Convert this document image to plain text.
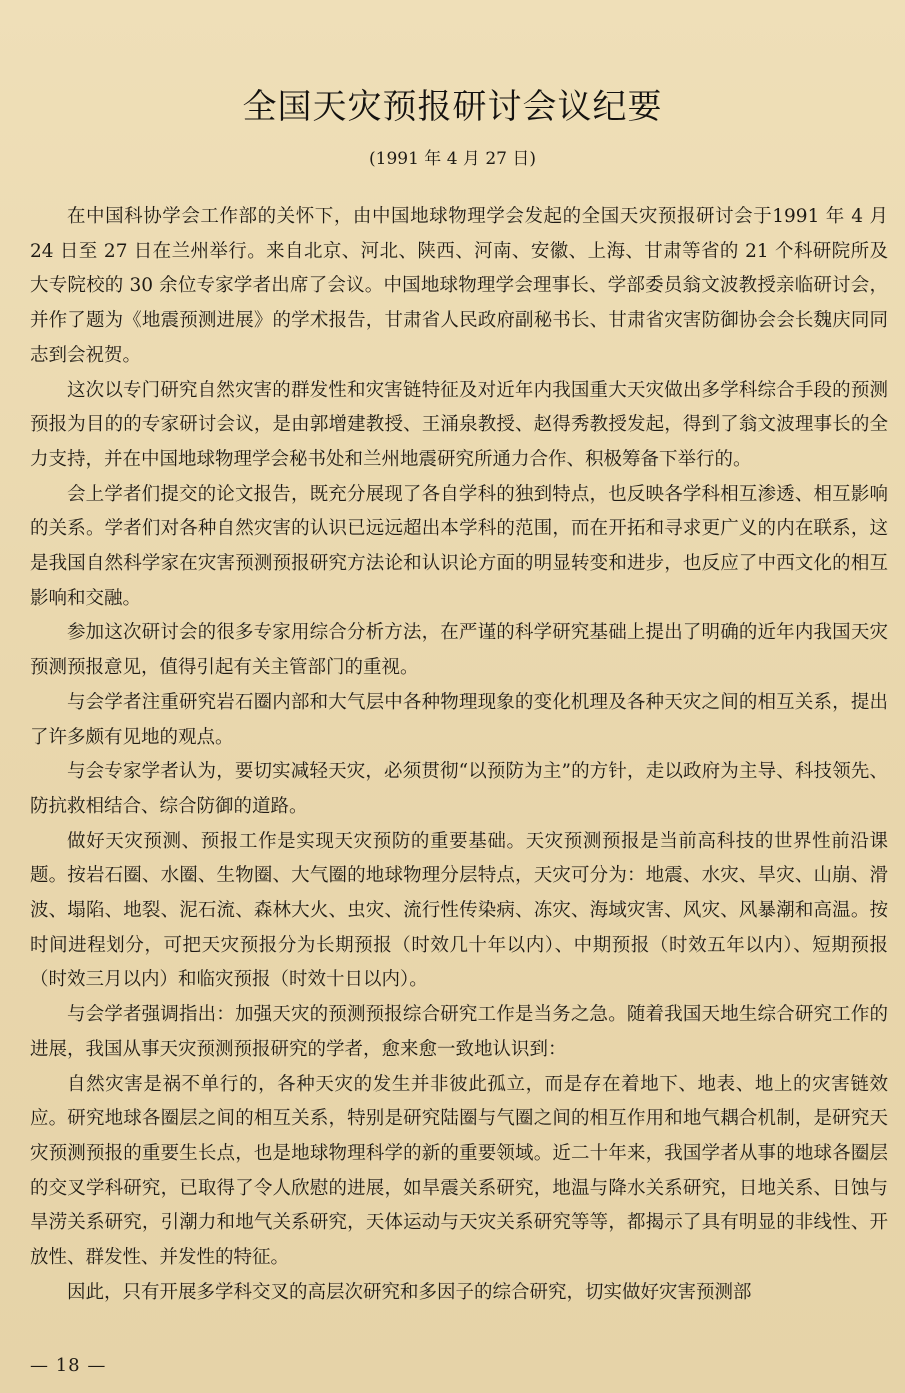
全国天灾预报研讨会议纪要
(1991 年 4 月 27 日)

在中国科协学会工作部的关怀下，由中国地球物理学会发起的全国天灾预报研讨会于1991 年 4 月 24 日至 27 日在兰州举行。来自北京、河北、陕西、河南、安徽、上海、甘肃等省的 21 个科研院所及大专院校的 30 余位专家学者出席了会议。中国地球物理学会理事长、学部委员翁文波教授亲临研讨会，并作了题为《地震预测进展》的学术报告，甘肃省人民政府副秘书长、甘肃省灾害防御协会会长魏庆同同志到会祝贺。

这次以专门研究自然灾害的群发性和灾害链特征及对近年内我国重大天灾做出多学科综合手段的预测预报为目的的专家研讨会议，是由郭增建教授、王涌泉教授、赵得秀教授发起，得到了翁文波理事长的全力支持，并在中国地球物理学会秘书处和兰州地震研究所通力合作、积极筹备下举行的。

会上学者们提交的论文报告，既充分展现了各自学科的独到特点，也反映各学科相互渗透、相互影响的关系。学者们对各种自然灾害的认识已远远超出本学科的范围，而在开拓和寻求更广义的内在联系，这是我国自然科学家在灾害预测预报研究方法论和认识论方面的明显转变和进步，也反应了中西文化的相互影响和交融。

参加这次研讨会的很多专家用综合分析方法，在严谨的科学研究基础上提出了明确的近年内我国天灾预测预报意见，值得引起有关主管部门的重视。

与会学者注重研究岩石圈内部和大气层中各种物理现象的变化机理及各种天灾之间的相互关系，提出了许多颇有见地的观点。

与会专家学者认为，要切实减轻天灾，必须贯彻“以预防为主”的方针，走以政府为主导、科技领先、防抗救相结合、综合防御的道路。

做好天灾预测、预报工作是实现天灾预防的重要基础。天灾预测预报是当前高科技的世界性前沿课题。按岩石圈、水圈、生物圈、大气圈的地球物理分层特点，天灾可分为：地震、水灾、旱灾、山崩、滑波、塌陷、地裂、泥石流、森林大火、虫灾、流行性传染病、冻灾、海域灾害、风灾、风暴潮和高温。按时间进程划分，可把天灾预报分为长期预报（时效几十年以内）、中期预报（时效五年以内）、短期预报（时效三月以内）和临灾预报（时效十日以内）。

与会学者强调指出：加强天灾的预测预报综合研究工作是当务之急。随着我国天地生综合研究工作的进展，我国从事天灾预测预报研究的学者，愈来愈一致地认识到：

自然灾害是祸不单行的，各种天灾的发生并非彼此孤立，而是存在着地下、地表、地上的灾害链效应。研究地球各圈层之间的相互关系，特别是研究陆圈与气圈之间的相互作用和地气耦合机制，是研究天灾预测预报的重要生长点，也是地球物理科学的新的重要领域。近二十年来，我国学者从事的地球各圈层的交叉学科研究，已取得了令人欣慰的进展，如旱震关系研究，地温与降水关系研究，日地关系、日蚀与旱涝关系研究，引潮力和地气关系研究，天体运动与天灾关系研究等等，都揭示了具有明显的非线性、开放性、群发性、并发性的特征。

因此，只有开展多学科交叉的高层次研究和多因子的综合研究，切实做好灾害预测部

— 18 —
